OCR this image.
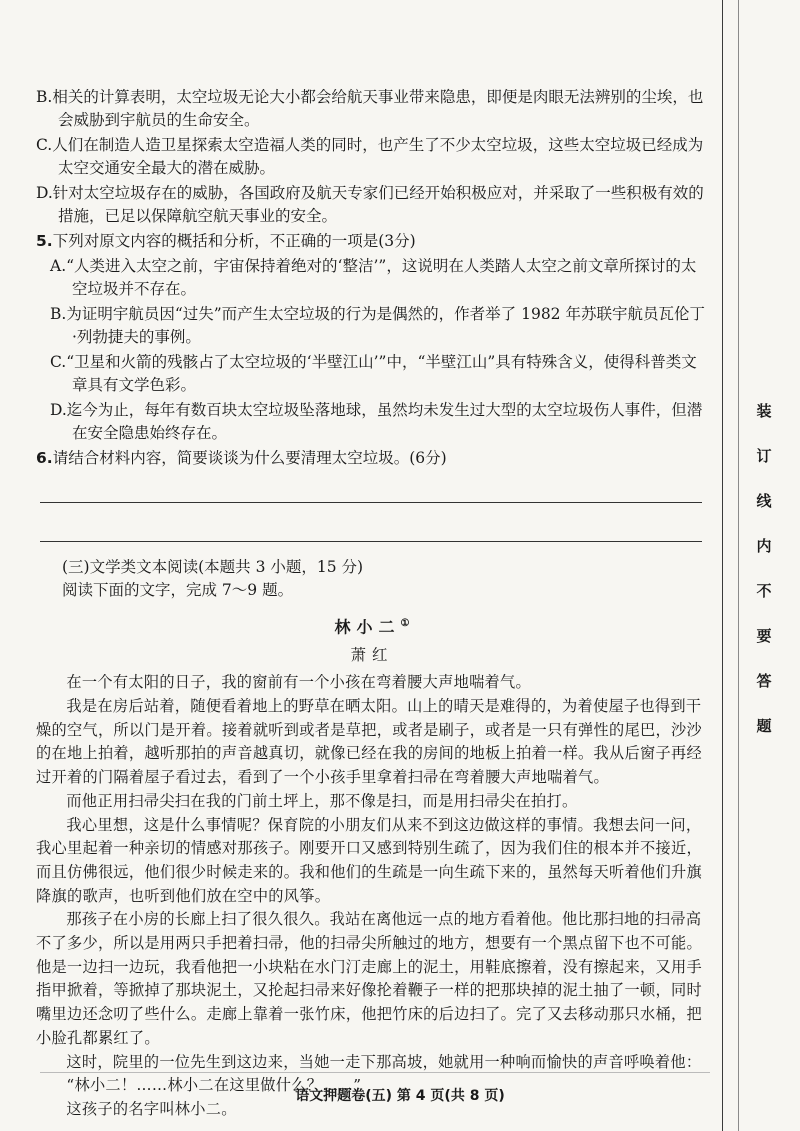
B.相关的计算表明，太空垃圾无论大小都会给航天事业带来隐患，即便是肉眼无法辨别的尘埃，也会威胁到宇航员的生命安全。

C.人们在制造人造卫星探索太空造福人类的同时，也产生了不少太空垃圾，这些太空垃圾已经成为太空交通安全最大的潜在威胁。

D.针对太空垃圾存在的威胁，各国政府及航天专家们已经开始积极应对，并采取了一些积极有效的措施，已足以保障航空航天事业的安全。

5.下列对原文内容的概括和分析，不正确的一项是(3分)

A.“人类进入太空之前，宇宙保持着绝对的‘整洁’”，这说明在人类踏人太空之前文章所探讨的太空垃圾并不存在。

B.为证明宇航员因“过失”而产生太空垃圾的行为是偶然的，作者举了 1982 年苏联宇航员瓦伦丁·列勃捷夫的事例。

C.“卫星和火箭的残骸占了太空垃圾的‘半壁江山’”中，“半壁江山”具有特殊含义，使得科普类文章具有文学色彩。

D.迄今为止，每年有数百块太空垃圾坠落地球，虽然均未发生过大型的太空垃圾伤人事件，但潜在安全隐患始终存在。

6.请结合材料内容，简要谈谈为什么要清理太空垃圾。(6分)

(三)文学类文本阅读(本题共 3 小题，15 分)

阅读下面的文字，完成 7～9 题。

林小二①

萧红

在一个有太阳的日子，我的窗前有一个小孩在弯着腰大声地喘着气。

我是在房后站着，随便看着地上的野草在晒太阳。山上的晴天是难得的，为着使屋子也得到干燥的空气，所以门是开着。接着就听到或者是草把，或者是刷子，或者是一只有弹性的尾巴，沙沙的在地上拍着，越听那拍的声音越真切，就像已经在我的房间的地板上拍着一样。我从后窗子再经过开着的门隔着屋子看过去，看到了一个小孩手里拿着扫帚在弯着腰大声地喘着气。

而他正用扫帚尖扫在我的门前土坪上，那不像是扫，而是用扫帚尖在拍打。

我心里想，这是什么事情呢？保育院的小朋友们从来不到这边做这样的事情。我想去问一问，我心里起着一种亲切的情感对那孩子。刚要开口又感到特别生疏了，因为我们住的根本并不接近，而且仿佛很远，他们很少时候走来的。我和他们的生疏是一向生疏下来的，虽然每天听着他们升旗降旗的歌声，也听到他们放在空中的风筝。

那孩子在小房的长廊上扫了很久很久。我站在离他远一点的地方看着他。他比那扫地的扫帚高不了多少，所以是用两只手把着扫帚，他的扫帚尖所触过的地方，想要有一个黑点留下也不可能。他是一边扫一边玩，我看他把一小块粘在水门汀走廊上的泥土，用鞋底擦着，没有擦起来，又用手指甲掀着，等掀掉了那块泥土，又抡起扫帚来好像抡着鞭子一样的把那块掉的泥土抽了一顿，同时嘴里边还念叨了些什么。走廊上靠着一张竹床，他把竹床的后边扫了。完了又去移动那只水桶，把小脸孔都累红了。

这时，院里的一位先生到这边来，当她一走下那高坡，她就用一种响而愉快的声音呼唤着他：

“林小二！……林小二在这里做什么？……”

这孩子的名字叫林小二。

装
订
线
内
不
要
答
题
语文押题卷(五) 第 4 页(共 8 页)
